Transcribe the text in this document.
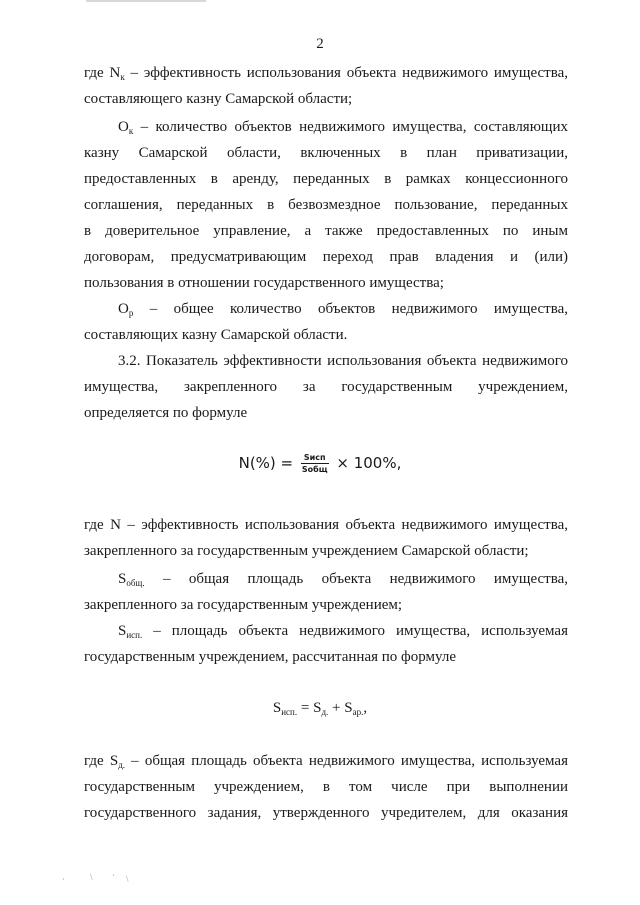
2
где $N_к$ – эффективность использования объекта недвижимого имущества,
составляющего казну Самарской области;
$О_к$ – количество объектов недвижимого имущества, составляющих
казну Самарской области, включенных в план приватизации,
предоставленных в аренду, переданных в рамках концессионного
соглашения, переданных в безвозмездное пользование, переданных
в доверительное управление, а также предоставленных по иным
договорам, предусматривающим переход прав владения и (или)
пользования в отношении государственного имущества;
$О_р$ – общее количество объектов недвижимого имущества,
составляющих казну Самарской области.
3.2. Показатель эффективности использования объекта недвижимого
имущества, закрепленного за государственным учреждением,
определяется по формуле
$N(\%) = \frac{\text{Sисп}}{\text{Sобщ}} \times 100\%$,
где N – эффективность использования объекта недвижимого имущества,
закрепленного за государственным учреждением Самарской области;
$S_{общ.}$ – общая площадь объекта недвижимого имущества,
закрепленного за государственным учреждением;
$S_{исп.}$ – площадь объекта недвижимого имущества, используемая
государственным учреждением, рассчитанная по формуле
$S_{исп.} = S_{д.} + S_{ар.}$,
где $S_{д.}$ – общая площадь объекта недвижимого имущества, используемая
государственным учреждением, в том числе при выполнении
государственного задания, утвержденного учредителем, для оказания
·	\ · \
